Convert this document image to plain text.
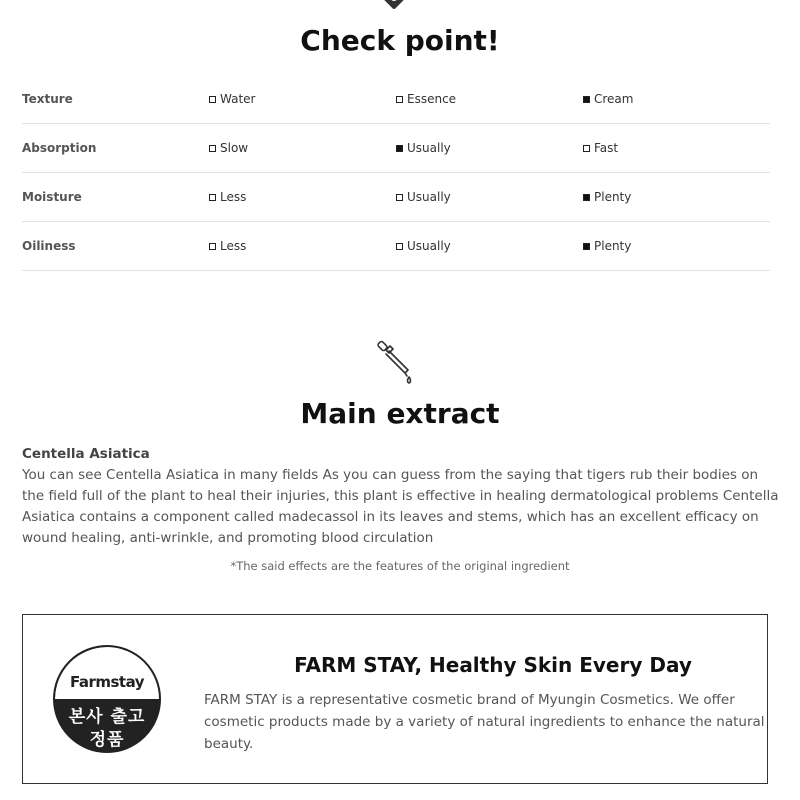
Check point!
Texture	Water	Essence	Cream
Absorption	Slow	Usually	Fast
Moisture	Less	Usually	Plenty
Oiliness	Less	Usually	Plenty
Main extract
Centella Asiatica
You can see Centella Asiatica in many fields As you can guess from the saying that tigers rub their bodies on the field full of the plant to heal their injuries, this plant is effective in healing dermatological problems Centella Asiatica contains a component called madecassol in its leaves and stems, which has an excellent efficacy on wound healing, anti-wrinkle, and promoting blood circulation
*The said effects are the features of the original ingredient
Farmstay
본사 출고
정품
FARM STAY, Healthy Skin Every Day
FARM STAY is a representative cosmetic brand of Myungin Cosmetics. We offer cosmetic products made by a variety of natural ingredients to enhance the natural beauty.
